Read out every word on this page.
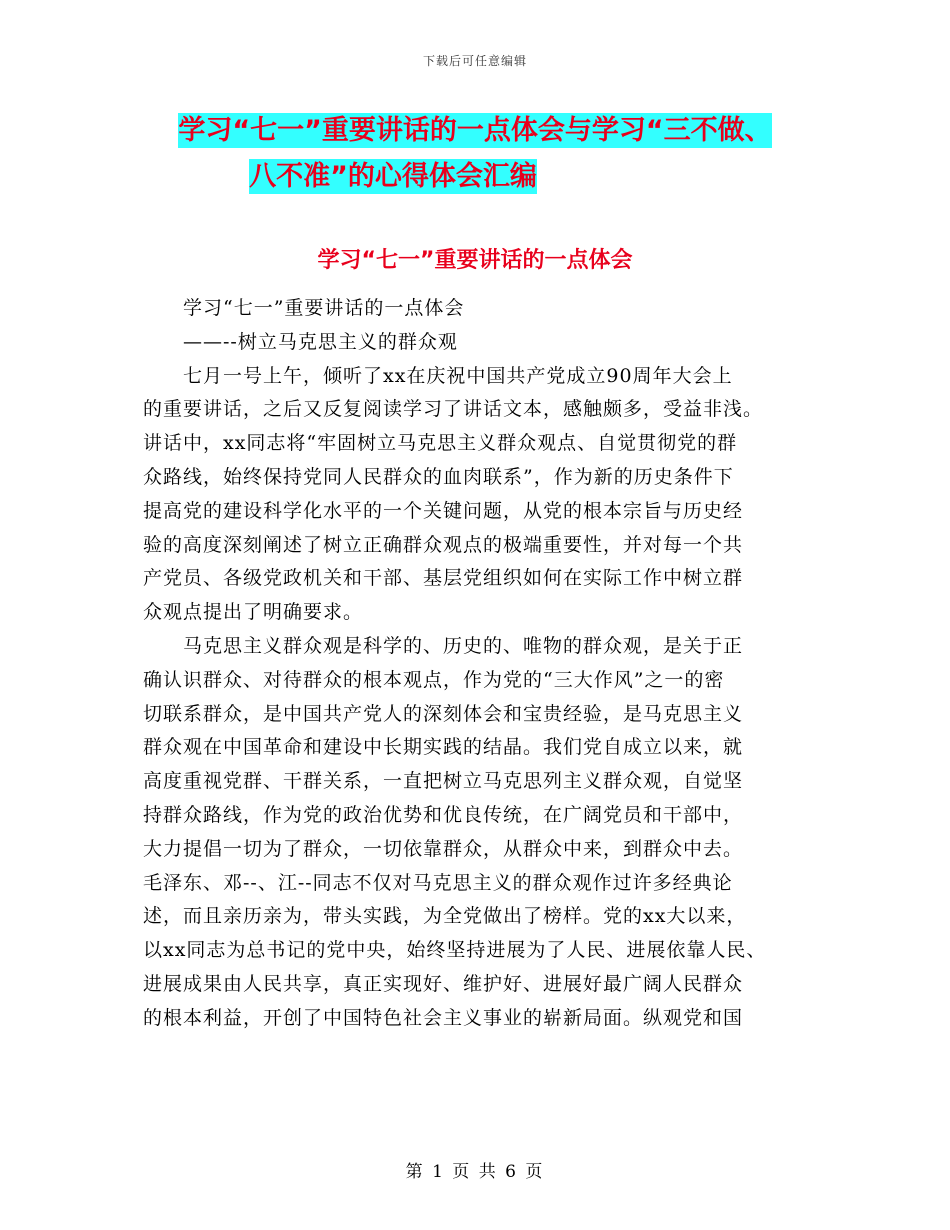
下载后可任意编辑
学习“七一”重要讲话的一点体会与学习“三不做、
八不准”的心得体会汇编
学习“七一”重要讲话的一点体会
　　学习“七一”重要讲话的一点体会
　　——--树立马克思主义的群众观
　　七月一号上午，倾听了xx在庆祝中国共产党成立90周年大会上
的重要讲话，之后又反复阅读学习了讲话文本，感触颇多，受益非浅。
讲话中，xx同志将“牢固树立马克思主义群众观点、自觉贯彻党的群
众路线，始终保持党同人民群众的血肉联系”，作为新的历史条件下
提高党的建设科学化水平的一个关键问题，从党的根本宗旨与历史经
验的高度深刻阐述了树立正确群众观点的极端重要性，并对每一个共
产党员、各级党政机关和干部、基层党组织如何在实际工作中树立群
众观点提出了明确要求。
　　马克思主义群众观是科学的、历史的、唯物的群众观，是关于正
确认识群众、对待群众的根本观点，作为党的“三大作风”之一的密
切联系群众，是中国共产党人的深刻体会和宝贵经验，是马克思主义
群众观在中国革命和建设中长期实践的结晶。我们党自成立以来，就
高度重视党群、干群关系，一直把树立马克思列主义群众观，自觉坚
持群众路线，作为党的政治优势和优良传统，在广阔党员和干部中，
大力提倡一切为了群众，一切依靠群众，从群众中来，到群众中去。
毛泽东、邓--、江--同志不仅对马克思主义的群众观作过许多经典论
述，而且亲历亲为，带头实践，为全党做出了榜样。党的xx大以来，
以xx同志为总书记的党中央，始终坚持进展为了人民、进展依靠人民、
进展成果由人民共享，真正实现好、维护好、进展好最广阔人民群众
的根本利益，开创了中国特色社会主义事业的崭新局面。纵观党和国
第 1 页 共 6 页
